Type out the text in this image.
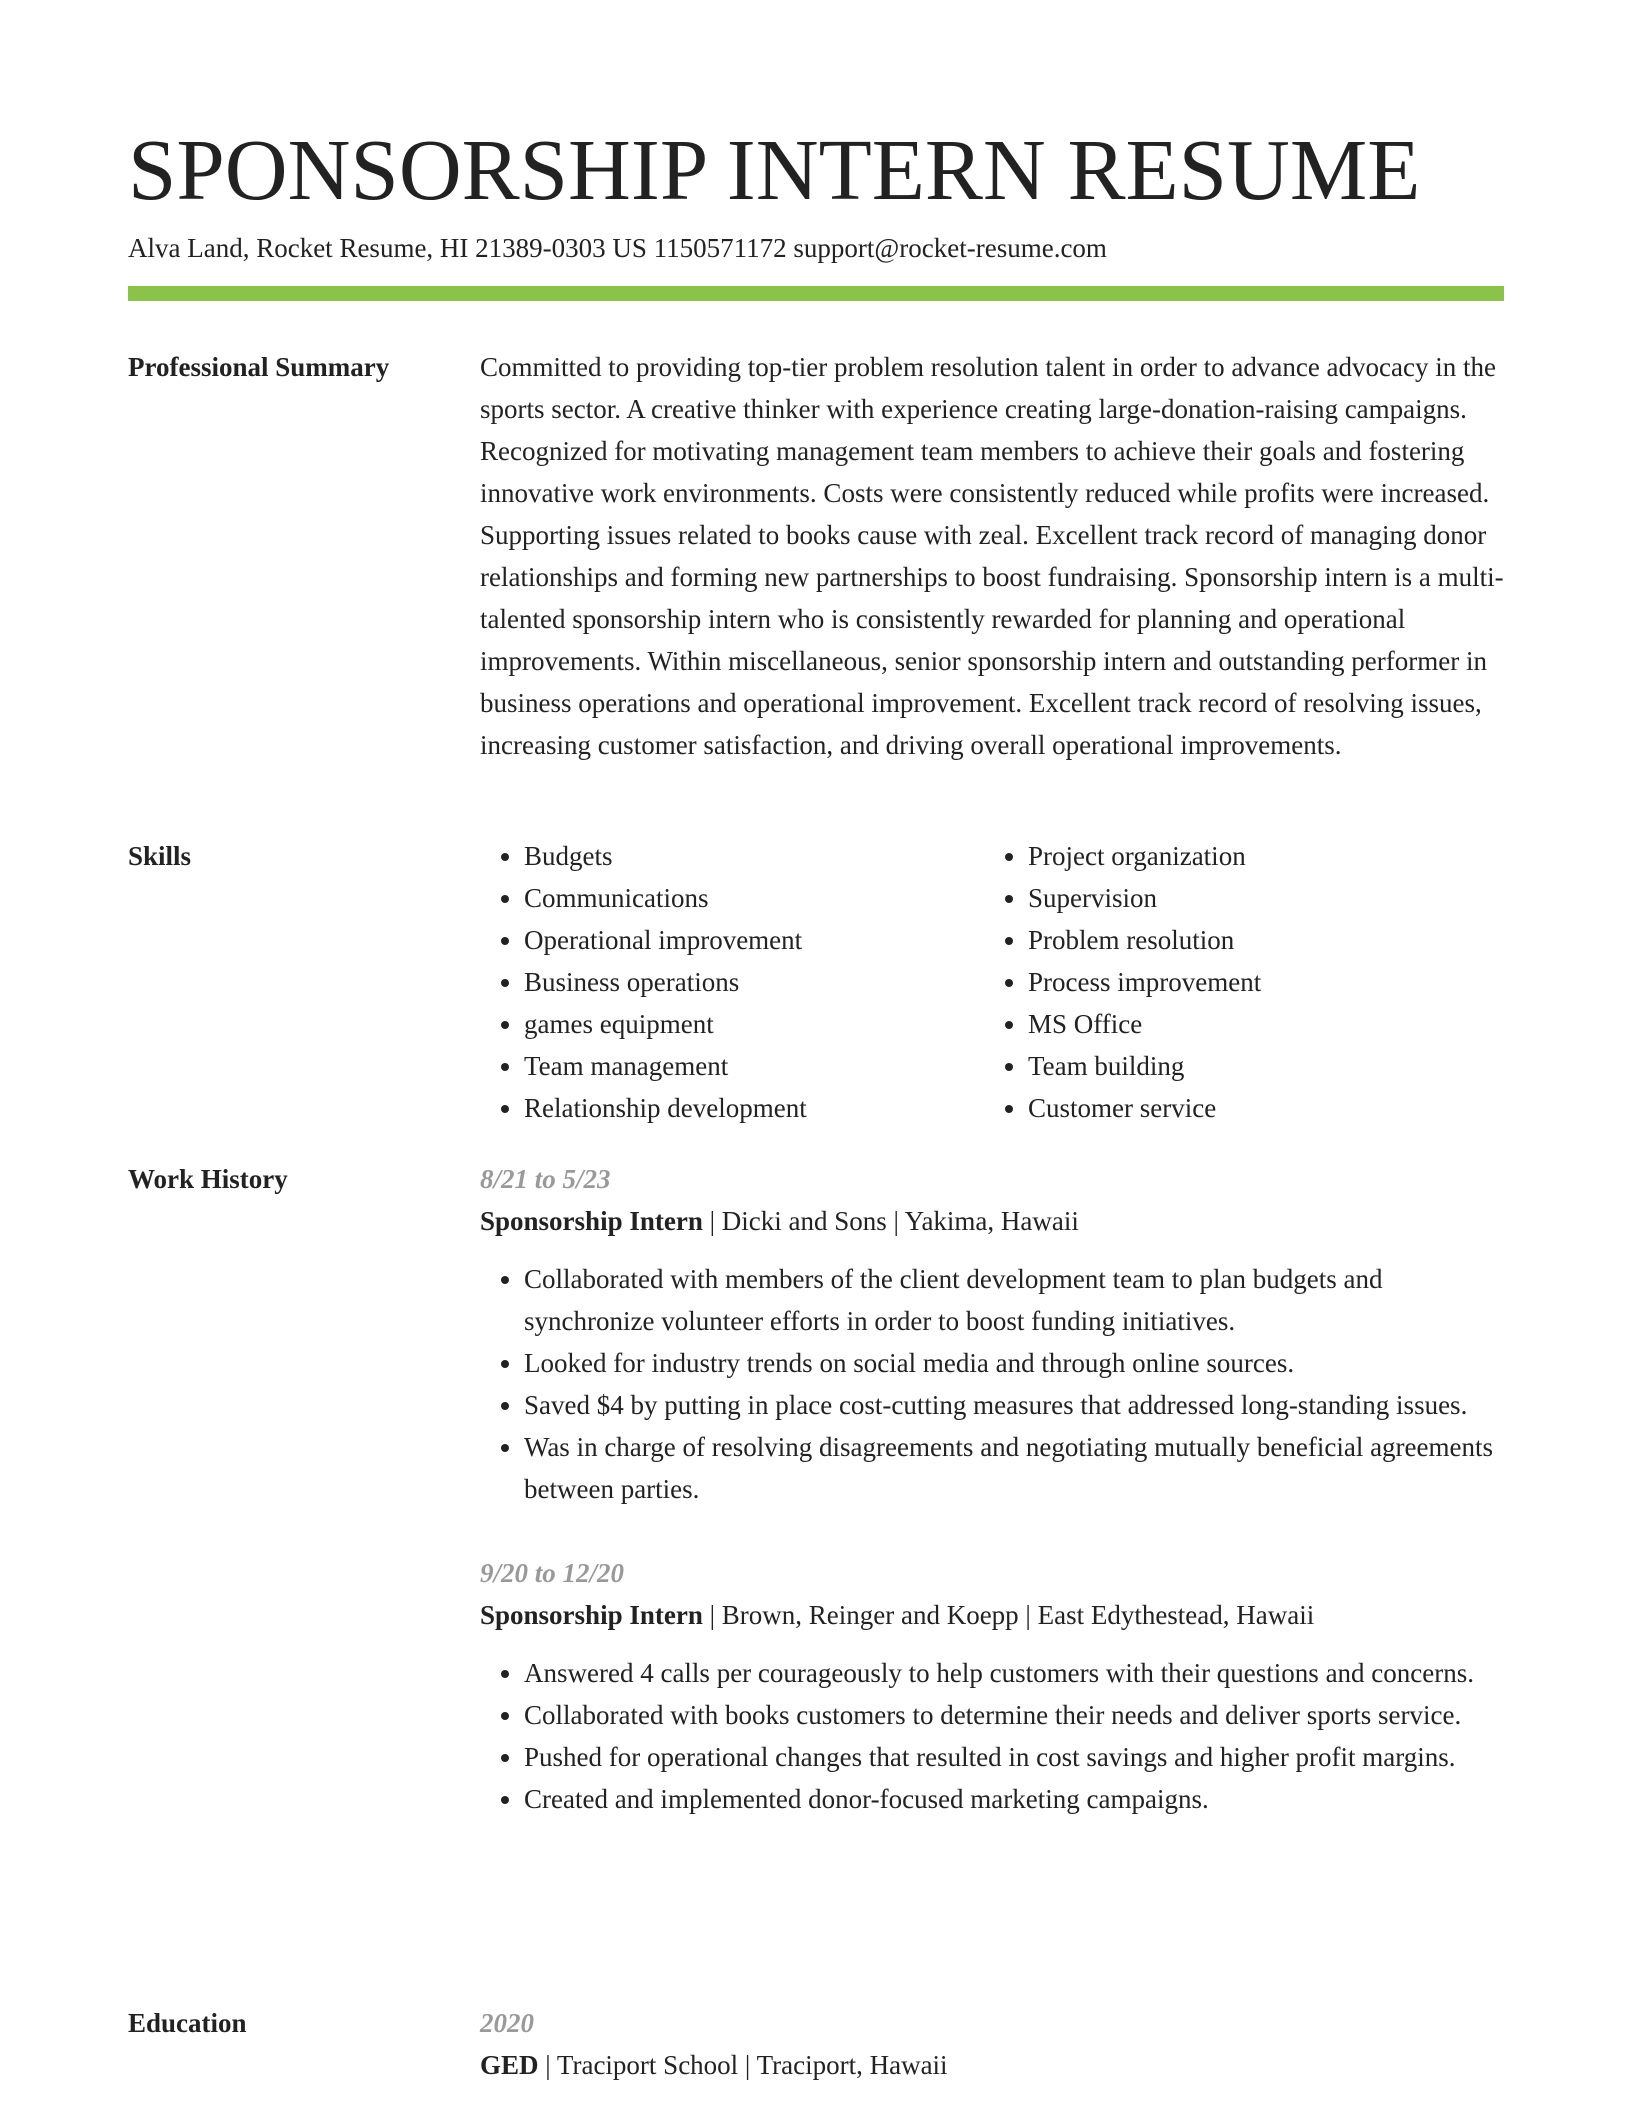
SPONSORSHIP INTERN RESUME
Alva Land, Rocket Resume, HI 21389-0303 US 1150571172 support@rocket-resume.com
Professional Summary	Committed to providing top-tier problem resolution talent in order to advance advocacy in the sports sector. A creative thinker with experience creating large-donation-raising campaigns. Recognized for motivating management team members to achieve their goals and fostering innovative work environments. Costs were consistently reduced while profits were increased. Supporting issues related to books cause with zeal. Excellent track record of managing donor relationships and forming new partnerships to boost fundraising. Sponsorship intern is a multi-talented sponsorship intern who is consistently rewarded for planning and operational improvements. Within miscellaneous, senior sponsorship intern and outstanding performer in business operations and operational improvement. Excellent track record of resolving issues, increasing customer satisfaction, and driving overall operational improvements.

Skills
•	Budgets
• Communications
• Operational improvement
• Business operations
• games equipment
• Team management
• Relationship development
• Project organization
• Supervision
• Problem resolution
• Process improvement
• MS Office
• Team building
• Customer service
Work History	8/21 to 5/23

Sponsorship Intern | Dicki and Sons | Yakima, Hawaii

• Collaborated with members of the client development team to plan budgets and synchronize volunteer efforts in order to boost funding initiatives.
• Looked for industry trends on social media and through online sources.
• Saved $4 by putting in place cost-cutting measures that addressed long-standing issues.
• Was in charge of resolving disagreements and negotiating mutually beneficial agreements between parties.

9/20 to 12/20

Sponsorship Intern | Brown, Reinger and Koepp | East Edythestead, Hawaii

• Answered 4 calls per courageously to help customers with their questions and concerns.
• Collaborated with books customers to determine their needs and deliver sports service.
• Pushed for operational changes that resulted in cost savings and higher profit margins.
• Created and implemented donor-focused marketing campaigns.
Education	2020

GED | Traciport School | Traciport, Hawaii
